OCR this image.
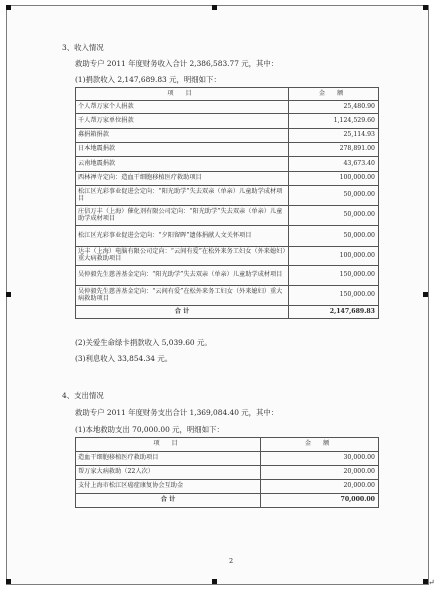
3、收入情况
救助专户 2011 年度财务收入合计 2,386,583.77 元，其中：
(1)捐款收入 2,147,689.83 元，明细如下：
项 目	金 额
个人帮万家个人捐款	25,480.90
千人帮万家单位捐款	1,124,529.60
募捐箱捐款	25,114.93
日本地震捐款	278,891.00
云南地震捐款	43,673.40
西林禅寺定向：造血干细胞移植医疗救助项目	100,000.00
松江区光彩事业促进会定向：“阳光助学”失去双亲（单亲）儿童助学成材项目	50,000.00
庄信万丰（上海）催化剂有限公司定向：“阳光助学”失去双亲（单亲）儿童助学成材项目	50,000.00
松江区光彩事业促进会定向：“夕阳留晖”遗体捐献人文关怀项目	50,000.00
达丰（上海）电脑有限公司定向：“云间有爱”在松外来务工妇女（外来媳妇）重大病救助项目	100,000.00
吴仲毅先生慈善基金定向：“阳光助学”失去双亲（单亲）儿童助学成材项目	150,000.00
吴仲毅先生慈善基金定向：“云间有爱”在松外来务工妇女（外来媳妇）重大病救助项目	150,000.00
合 计	2,147,689.83
(2)关爱生命绿卡捐款收入 5,039.60 元。
(3)利息收入 33,854.34 元。
4、支出情况
救助专户 2011 年度财务支出合计 1,369,084.40 元，其中：
(1)本地救助支出 70,000.00 元，明细如下：
项 目	金 额
造血干细胞移植医疗救助项目	30,000.00
帮万家大病救助（22人次）	20,000.00
支付上海市松江区癌症康复协会互助金	20,000.00
合 计	70,000.00
2
↵
